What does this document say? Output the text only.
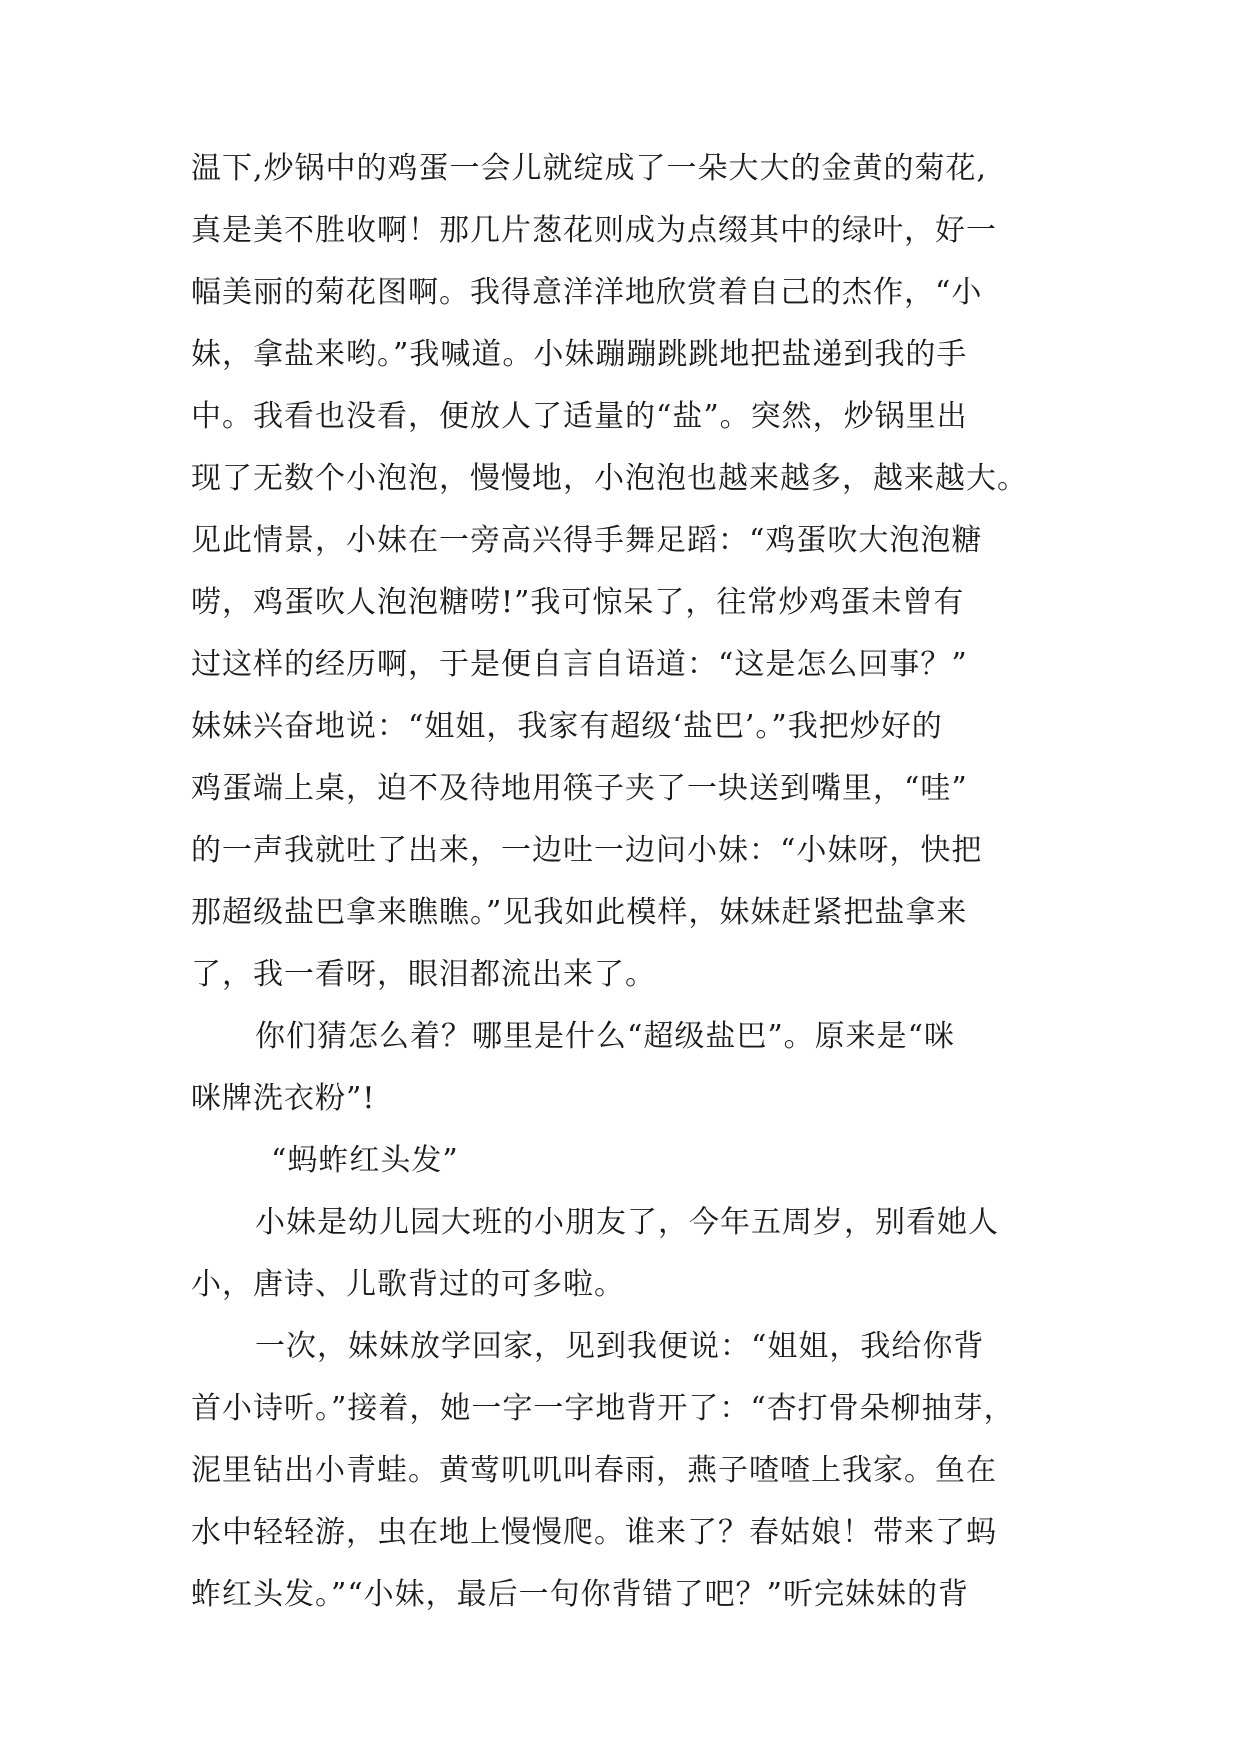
温下,炒锅中的鸡蛋一会儿就绽成了一朵大大的金黄的菊花,
真是美不胜收啊！那几片葱花则成为点缀其中的绿叶，好一
幅美丽的菊花图啊。我得意洋洋地欣赏着自己的杰作，“小
妹，拿盐来哟。”我喊道。小妹蹦蹦跳跳地把盐递到我的手
中。我看也没看，便放人了适量的“盐”。突然，炒锅里出
现了无数个小泡泡，慢慢地，小泡泡也越来越多，越来越大。
见此情景，小妹在一旁高兴得手舞足蹈：“鸡蛋吹大泡泡糖
唠，鸡蛋吹人泡泡糖唠!”我可惊呆了，往常炒鸡蛋未曾有
过这样的经历啊，于是便自言自语道：“这是怎么回事？”
妹妹兴奋地说：“姐姐，我家有超级‘盐巴’。”我把炒好的
鸡蛋端上桌，迫不及待地用筷子夹了一块送到嘴里，“哇”
的一声我就吐了出来，一边吐一边问小妹：“小妹呀，快把
那超级盐巴拿来瞧瞧。”见我如此模样，妹妹赶紧把盐拿来
了，我一看呀，眼泪都流出来了。
你们猜怎么着？哪里是什么“超级盐巴”。原来是“咪
咪牌洗衣粉”!
“蚂蚱红头发”
小妹是幼儿园大班的小朋友了，今年五周岁，别看她人
小，唐诗、儿歌背过的可多啦。
一次，妹妹放学回家，见到我便说：“姐姐，我给你背
首小诗听。”接着，她一字一字地背开了：“杏打骨朵柳抽芽，
泥里钻出小青蛙。黄莺叽叽叫春雨，燕子喳喳上我家。鱼在
水中轻轻游，虫在地上慢慢爬。谁来了？春姑娘！带来了蚂
蚱红头发。”“小妹，最后一句你背错了吧？”听完妹妹的背
